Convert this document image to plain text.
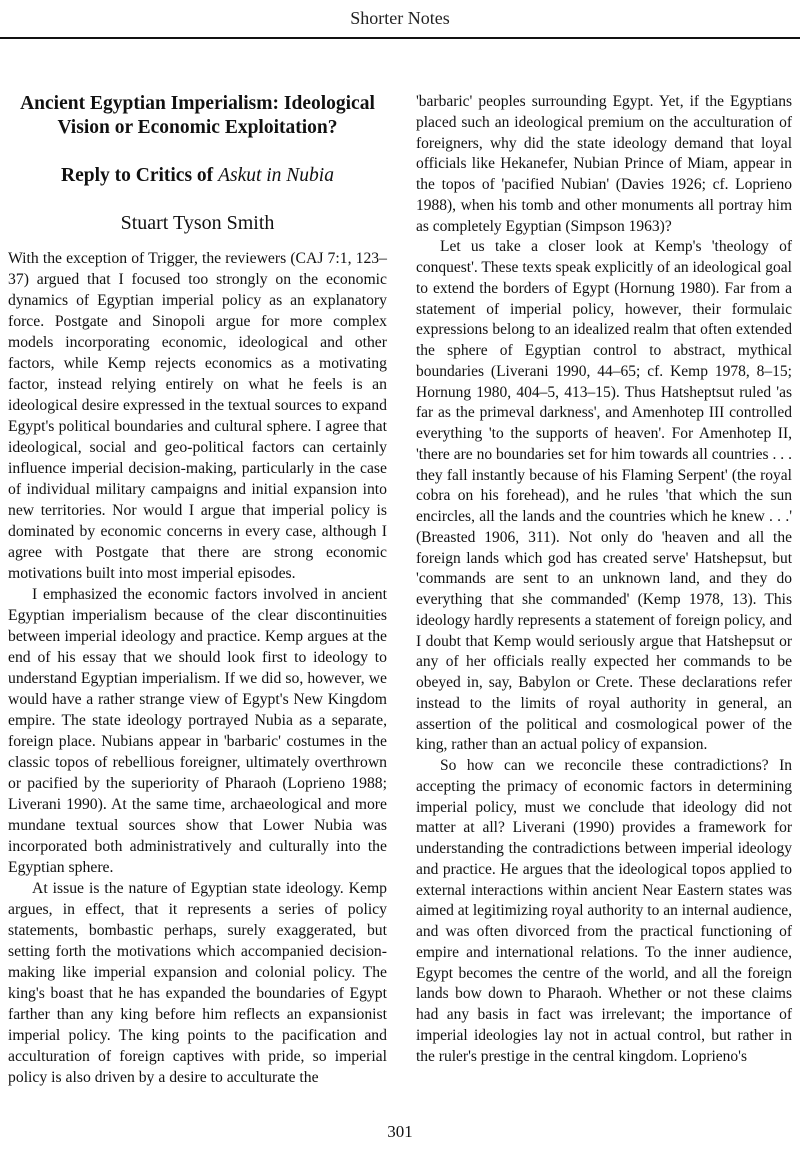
Shorter Notes
Ancient Egyptian Imperialism: Ideological Vision or Economic Exploitation?
Reply to Critics of Askut in Nubia
Stuart Tyson Smith

With the exception of Trigger, the reviewers (CAJ 7:1, 123–37) argued that I focused too strongly on the economic dynamics of Egyptian imperial policy as an explanatory force. Postgate and Sinopoli argue for more complex models incorporating economic, ideological and other factors, while Kemp rejects economics as a motivating factor, instead relying entirely on what he feels is an ideological desire expressed in the textual sources to expand Egypt's political boundaries and cultural sphere. I agree that ideological, social and geo-political factors can certainly influence imperial decision-making, particularly in the case of individual military campaigns and initial expansion into new territories. Nor would I argue that imperial policy is dominated by economic concerns in every case, although I agree with Postgate that there are strong economic motivations built into most imperial episodes.

I emphasized the economic factors involved in ancient Egyptian imperialism because of the clear discontinuities between imperial ideology and practice. Kemp argues at the end of his essay that we should look first to ideology to understand Egyptian imperialism. If we did so, however, we would have a rather strange view of Egypt's New Kingdom empire. The state ideology portrayed Nubia as a separate, foreign place. Nubians appear in 'barbaric' costumes in the classic topos of rebellious foreigner, ultimately overthrown or pacified by the superiority of Pharaoh (Loprieno 1988; Liverani 1990). At the same time, archaeological and more mundane textual sources show that Lower Nubia was incorporated both administratively and culturally into the Egyptian sphere.

At issue is the nature of Egyptian state ideology. Kemp argues, in effect, that it represents a series of policy statements, bombastic perhaps, surely exaggerated, but setting forth the motivations which accompanied decision-making like imperial expansion and colonial policy. The king's boast that he has expanded the boundaries of Egypt farther than any king before him reflects an expansionist imperial policy. The king points to the pacification and acculturation of foreign captives with pride, so imperial policy is also driven by a desire to acculturate the

'barbaric' peoples surrounding Egypt. Yet, if the Egyptians placed such an ideological premium on the acculturation of foreigners, why did the state ideology demand that loyal officials like Hekanefer, Nubian Prince of Miam, appear in the topos of 'pacified Nubian' (Davies 1926; cf. Loprieno 1988), when his tomb and other monuments all portray him as completely Egyptian (Simpson 1963)?

Let us take a closer look at Kemp's 'theology of conquest'. These texts speak explicitly of an ideological goal to extend the borders of Egypt (Hornung 1980). Far from a statement of imperial policy, however, their formulaic expressions belong to an idealized realm that often extended the sphere of Egyptian control to abstract, mythical boundaries (Liverani 1990, 44–65; cf. Kemp 1978, 8–15; Hornung 1980, 404–5, 413–15). Thus Hatsheptsut ruled 'as far as the primeval darkness', and Amenhotep III controlled everything 'to the supports of heaven'. For Amenhotep II, 'there are no boundaries set for him towards all countries . . . they fall instantly because of his Flaming Serpent' (the royal cobra on his forehead), and he rules 'that which the sun encircles, all the lands and the countries which he knew . . .' (Breasted 1906, 311). Not only do 'heaven and all the foreign lands which god has created serve' Hatshepsut, but 'commands are sent to an unknown land, and they do everything that she commanded' (Kemp 1978, 13). This ideology hardly represents a statement of foreign policy, and I doubt that Kemp would seriously argue that Hatshepsut or any of her officials really expected her commands to be obeyed in, say, Babylon or Crete. These declarations refer instead to the limits of royal authority in general, an assertion of the political and cosmological power of the king, rather than an actual policy of expansion.

So how can we reconcile these contradictions? In accepting the primacy of economic factors in determining imperial policy, must we conclude that ideology did not matter at all? Liverani (1990) provides a framework for understanding the contradictions between imperial ideology and practice. He argues that the ideological topos applied to external interactions within ancient Near Eastern states was aimed at legitimizing royal authority to an internal audience, and was often divorced from the practical functioning of empire and international relations. To the inner audience, Egypt becomes the centre of the world, and all the foreign lands bow down to Pharaoh. Whether or not these claims had any basis in fact was irrelevant; the importance of imperial ideologies lay not in actual control, but rather in the ruler's prestige in the central kingdom. Loprieno's

301
